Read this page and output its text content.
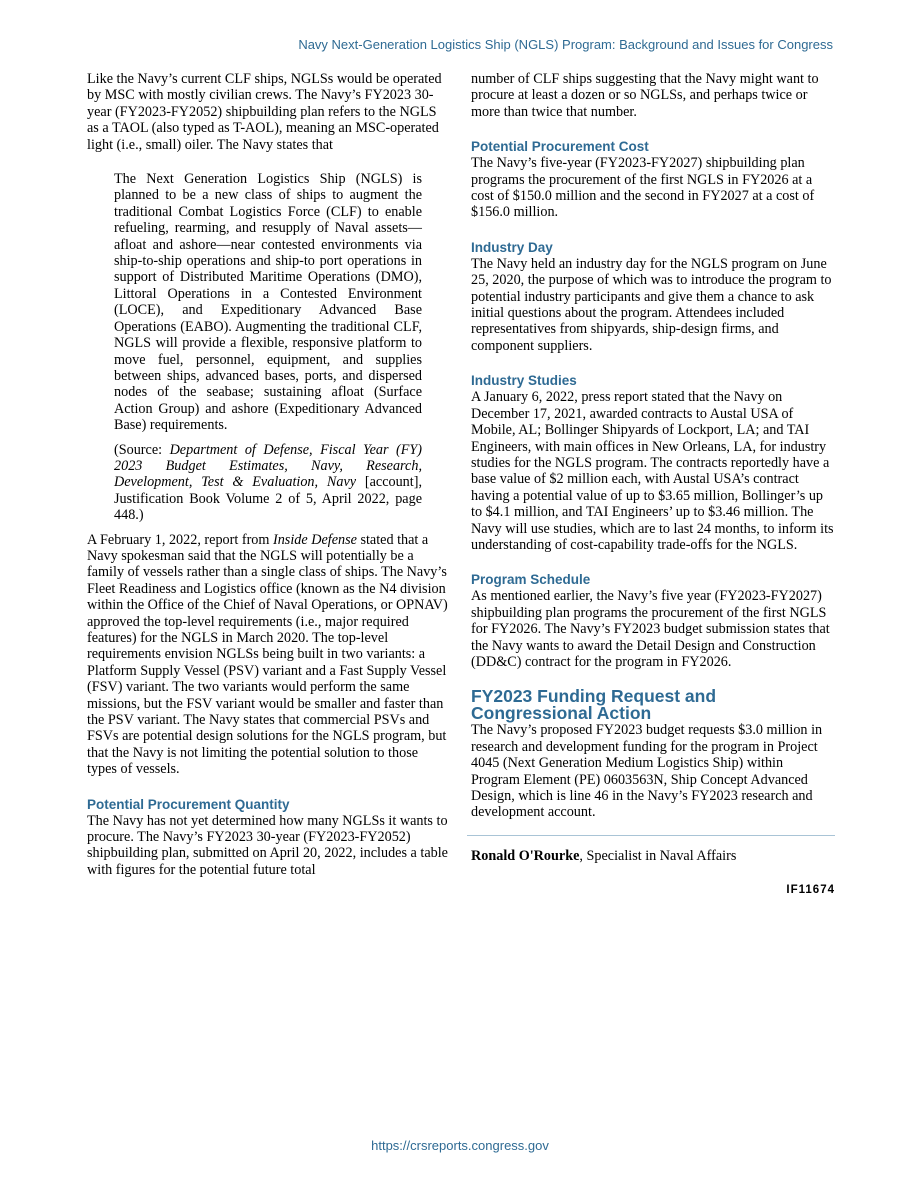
Navy Next-Generation Logistics Ship (NGLS) Program: Background and Issues for Congress

Like the Navy’s current CLF ships, NGLSs would be operated by MSC with mostly civilian crews. The Navy’s FY2023 30-year (FY2023-FY2052) shipbuilding plan refers to the NGLS as a TAOL (also typed as T-AOL), meaning an MSC-operated light (i.e., small) oiler. The Navy states that

The Next Generation Logistics Ship (NGLS) is planned to be a new class of ships to augment the traditional Combat Logistics Force (CLF) to enable refueling, rearming, and resupply of Naval assets—afloat and ashore—near contested environments via ship-to-ship operations and ship-to port operations in support of Distributed Maritime Operations (DMO), Littoral Operations in a Contested Environment (LOCE), and Expeditionary Advanced Base Operations (EABO). Augmenting the traditional CLF, NGLS will provide a flexible, responsive platform to move fuel, personnel, equipment, and supplies between ships, advanced bases, ports, and dispersed nodes of the seabase; sustaining afloat (Surface Action Group) and ashore (Expeditionary Advanced Base) requirements.

(Source: Department of Defense, Fiscal Year (FY) 2023 Budget Estimates, Navy, Research, Development, Test & Evaluation, Navy [account], Justification Book Volume 2 of 5, April 2022, page 448.)

A February 1, 2022, report from Inside Defense stated that a Navy spokesman said that the NGLS will potentially be a family of vessels rather than a single class of ships. The Navy’s Fleet Readiness and Logistics office (known as the N4 division within the Office of the Chief of Naval Operations, or OPNAV) approved the top-level requirements (i.e., major required features) for the NGLS in March 2020. The top-level requirements envision NGLSs being built in two variants: a Platform Supply Vessel (PSV) variant and a Fast Supply Vessel (FSV) variant. The two variants would perform the same missions, but the FSV variant would be smaller and faster than the PSV variant. The Navy states that commercial PSVs and FSVs are potential design solutions for the NGLS program, but that the Navy is not limiting the potential solution to those types of vessels.

Potential Procurement Quantity

The Navy has not yet determined how many NGLSs it wants to procure. The Navy’s FY2023 30-year (FY2023-FY2052) shipbuilding plan, submitted on April 20, 2022, includes a table with figures for the potential future total

number of CLF ships suggesting that the Navy might want to procure at least a dozen or so NGLSs, and perhaps twice or more than twice that number.

Potential Procurement Cost

The Navy’s five-year (FY2023-FY2027) shipbuilding plan programs the procurement of the first NGLS in FY2026 at a cost of $150.0 million and the second in FY2027 at a cost of $156.0 million.

Industry Day

The Navy held an industry day for the NGLS program on June 25, 2020, the purpose of which was to introduce the program to potential industry participants and give them a chance to ask initial questions about the program. Attendees included representatives from shipyards, ship-design firms, and component suppliers.

Industry Studies

A January 6, 2022, press report stated that the Navy on December 17, 2021, awarded contracts to Austal USA of Mobile, AL; Bollinger Shipyards of Lockport, LA; and TAI Engineers, with main offices in New Orleans, LA, for industry studies for the NGLS program. The contracts reportedly have a base value of $2 million each, with Austal USA’s contract having a potential value of up to $3.65 million, Bollinger’s up to $4.1 million, and TAI Engineers’ up to $3.46 million. The Navy will use studies, which are to last 24 months, to inform its understanding of cost-capability trade-offs for the NGLS.

Program Schedule

As mentioned earlier, the Navy’s five year (FY2023-FY2027) shipbuilding plan programs the procurement of the first NGLS for FY2026. The Navy’s FY2023 budget submission states that the Navy wants to award the Detail Design and Construction (DD&C) contract for the program in FY2026.

FY2023 Funding Request and Congressional Action

The Navy’s proposed FY2023 budget requests $3.0 million in research and development funding for the program in Project 4045 (Next Generation Medium Logistics Ship) within Program Element (PE) 0603563N, Ship Concept Advanced Design, which is line 46 in the Navy’s FY2023 research and development account.

Ronald O'Rourke, Specialist in Naval Affairs

IF11674
https://crsreports.congress.gov
